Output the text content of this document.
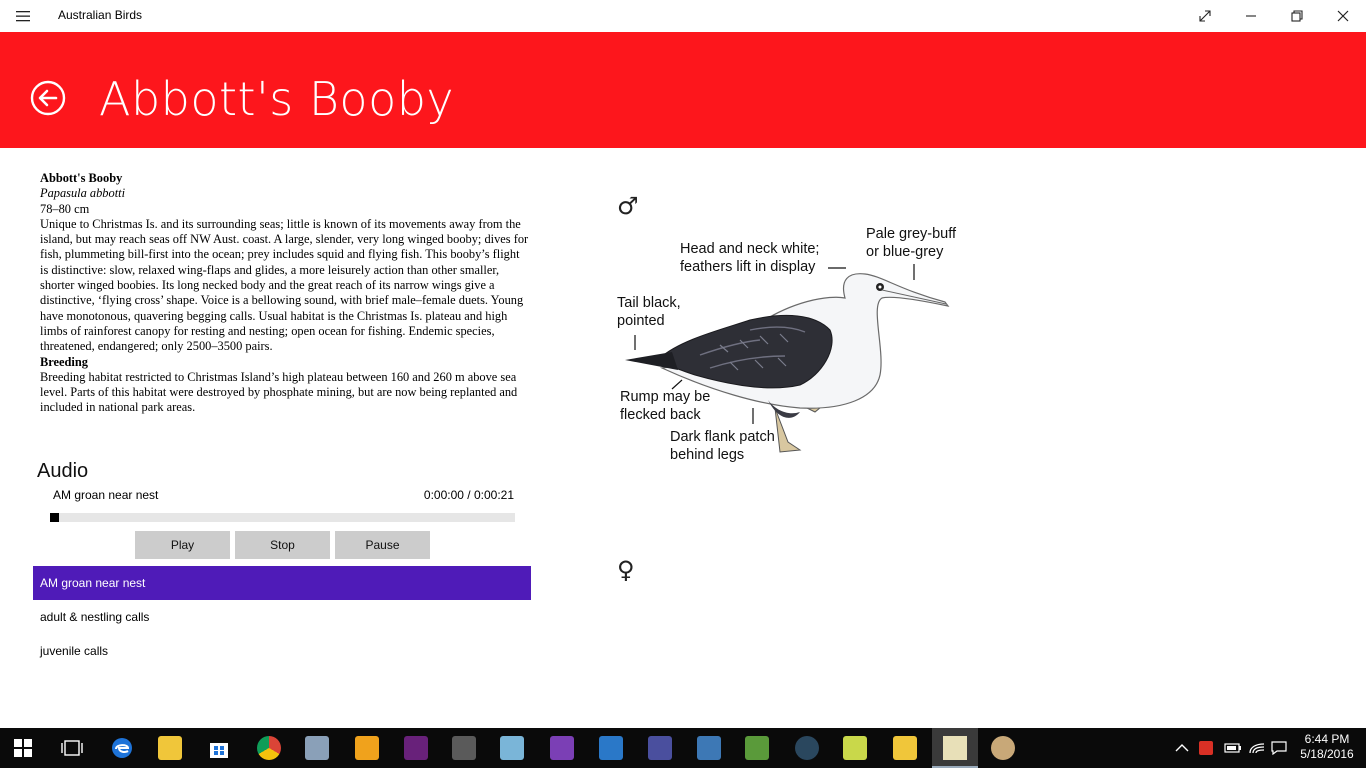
Australian Birds
Abbott's Booby
Abbott's Booby
Papasula abbotti
78–80 cm
Unique to Christmas Is. and its surrounding seas; little is known of its movements away from the island, but may reach seas off NW Aust. coast. A large, slender, very long winged booby; dives for fish, plummeting bill-first into the ocean; prey includes squid and flying fish. This booby’s flight is distinctive: slow, relaxed wing-flaps and glides, a more leisurely action than other smaller, shorter winged boobies. Its long necked body and the great reach of its narrow wings give a distinctive, ‘flying cross’ shape. Voice is a bellowing sound, with brief male–female duets. Young have monotonous, quavering begging calls. Usual habitat is the Christmas Is. plateau and high limbs of rainforest canopy for resting and nesting; open ocean for fishing. Endemic species, threatened, endangered; only 2500–3500 pairs.
Breeding
Breeding habitat restricted to Christmas Island’s high plateau between 160 and 260 m above sea level. Parts of this habitat were destroyed by phosphate mining, but are now being replanted and included in national park areas.
Audio
AM groan near nest	0:00:00 / 0:00:21
Play	Stop	Pause
AM groan near nest
adult & nestling calls
juvenile calls
♂
♀
Head and neck white;
feathers lift in display
Pale grey-buff
or blue-grey
Tail black,
pointed
Rump may be
flecked back
Dark flank patch
behind legs
6:44 PM
5/18/2016
